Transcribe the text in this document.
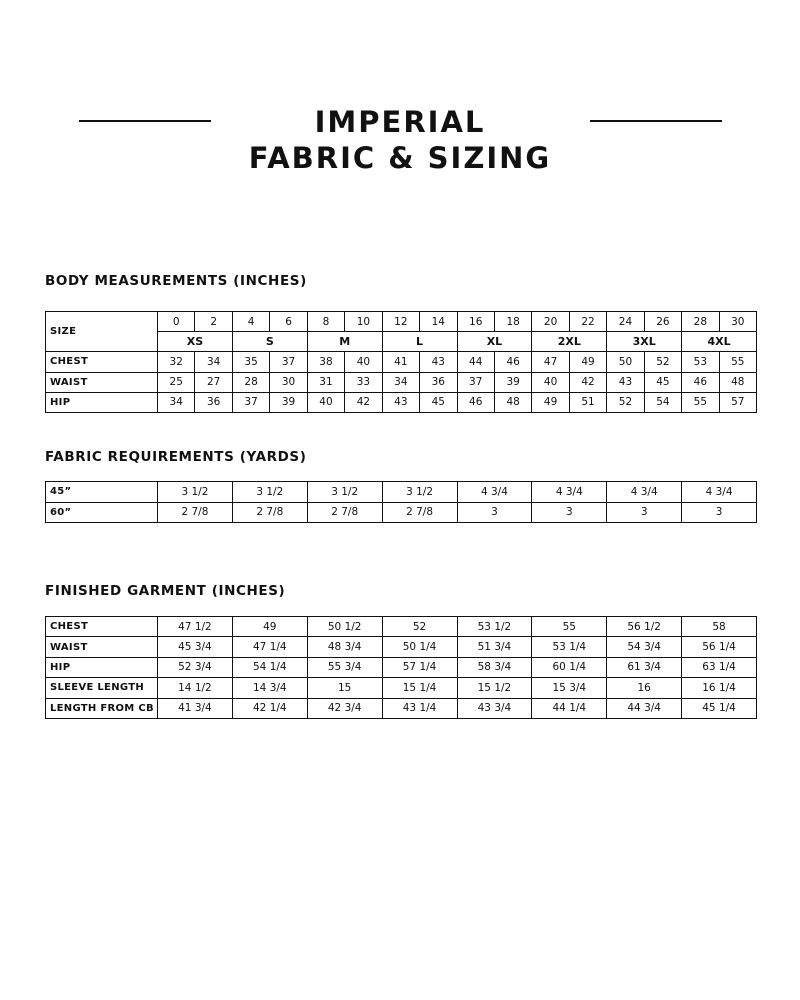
IMPERIAL
FABRIC & SIZING
BODY MEASUREMENTS (INCHES)
SIZE	0	2	4	6	8	10	12	14	16	18	20	22	24	26	28	30
	XS		S		M		L		XL		2XL		3XL		4XL	
CHEST	32	34	35	37	38	40	41	43	44	46	47	49	50	52	53	55
WAIST	25	27	28	30	31	33	34	36	37	39	40	42	43	45	46	48
HIP	34	36	37	39	40	42	43	45	46	48	49	51	52	54	55	57
FABRIC REQUIREMENTS (YARDS)
45”	3 1/2	3 1/2	3 1/2	3 1/2	4 3/4	4 3/4	4 3/4	4 3/4
60”	2 7/8	2 7/8	2 7/8	2 7/8	3	3	3	3
FINISHED GARMENT (INCHES)
CHEST	47 1/2	49	50 1/2	52	53 1/2	55	56 1/2	58
WAIST	45 3/4	47 1/4	48 3/4	50 1/4	51 3/4	53 1/4	54 3/4	56 1/4
HIP	52 3/4	54 1/4	55 3/4	57 1/4	58 3/4	60 1/4	61 3/4	63 1/4
SLEEVE LENGTH	14 1/2	14 3/4	15	15 1/4	15 1/2	15 3/4	16	16 1/4
LENGTH FROM CB	41 3/4	42 1/4	42 3/4	43 1/4	43 3/4	44 1/4	44 3/4	45 1/4
